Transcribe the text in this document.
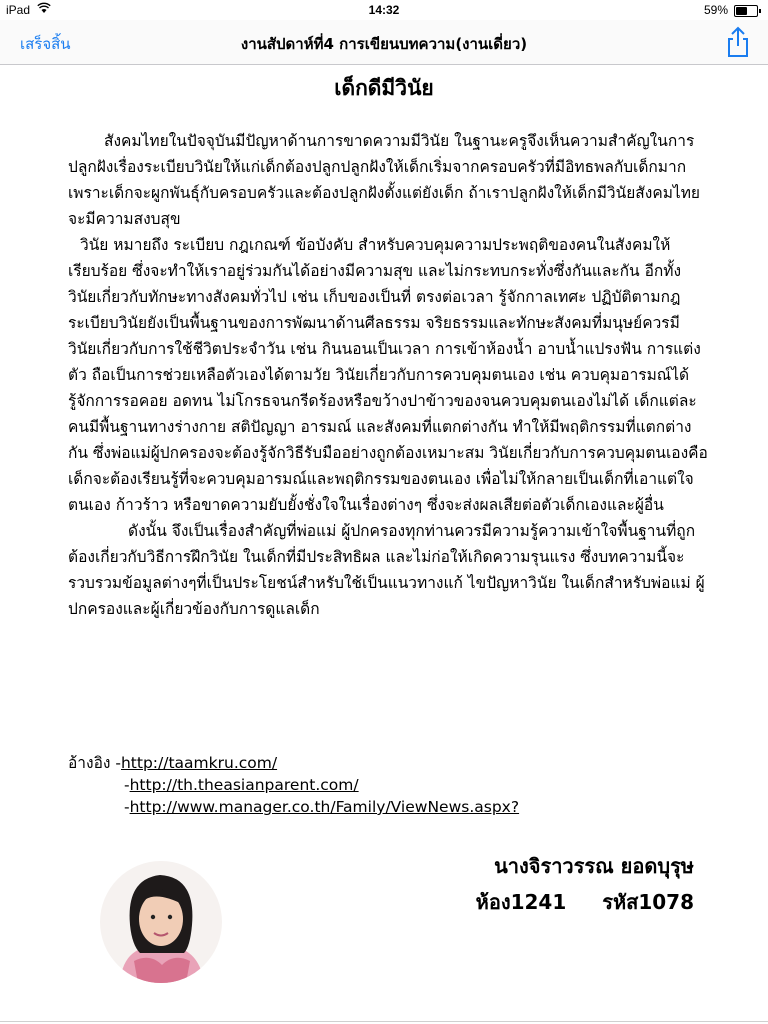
iPad	14:32	59%
เสร็จสิ้น	งานสัปดาห์ที่4 การเขียนบทความ(งานเดี่ยว)
เด็กดีมีวินัย

สังคมไทยในปัจจุบันมีปัญหาด้านการขาดความมีวินัย ในฐานะครูจึงเห็นความสำคัญในการปลูกฝังเรื่องระเบียบวินัยให้แก่เด็กต้องปลูกปลูกฝังให้เด็กเริ่มจากครอบครัวที่มีอิทธพลกับเด็กมากเพราะเด็กจะผูกพันธุ์กับครอบครัวและต้องปลูกฝังตั้งแต่ยังเด็ก ถ้าเราปลูกฝังให้เด็กมีวินัยสังคมไทยจะมีความสงบสุข

วินัย หมายถึง ระเบียบ กฎเกณฑ์ ข้อบังคับ สำหรับควบคุมความประพฤติของคนในสังคมให้เรียบร้อย ซึ่งจะทำให้เราอยู่ร่วมกันได้อย่างมีความสุข และไม่กระทบกระทั่งซึ่งกันและกัน อีกทั้งวินัยเกี่ยวกับทักษะทางสังคมทั่วไป เช่น เก็บของเป็นที่ ตรงต่อเวลา รู้จักกาลเทศะ ปฏิบัติตามกฎระเบียบวินัยยังเป็นพื้นฐานของการพัฒนาด้านศีลธรรม จริยธรรมและทักษะสังคมที่มนุษย์ควรมี วินัยเกี่ยวกับการใช้ชีวิตประจำวัน เช่น กินนอนเป็นเวลา การเข้าห้องน้ำ อาบน้ำแปรงฟัน การแต่งตัว ถือเป็นการช่วยเหลือตัวเองได้ตามวัย วินัยเกี่ยวกับการควบคุมตนเอง เช่น ควบคุมอารมณ์ได้ รู้จักการรอคอย อดทน ไม่โกรธจนกรีดร้องหรือขว้างปาข้าวของจนควบคุมตนเองไม่ได้ เด็กแต่ละคนมีพื้นฐานทางร่างกาย สติปัญญา อารมณ์ และสังคมที่แตกต่างกัน ทำให้มีพฤติกรรมที่แตกต่างกัน ซึ่งพ่อแม่ผู้ปกครองจะต้องรู้จักวิธีรับมืออย่างถูกต้องเหมาะสม วินัยเกี่ยวกับการควบคุมตนเองคือ เด็กจะต้องเรียนรู้ที่จะควบคุมอารมณ์และพฤติกรรมของตนเอง เพื่อไม่ให้กลายเป็นเด็กที่เอาแต่ใจตนเอง ก้าวร้าว หรือขาดความยับยั้งชั่งใจในเรื่องต่างๆ ซึ่งจะส่งผลเสียต่อตัวเด็กเองและผู้อื่น

ดังนั้น จึงเป็นเรื่องสำคัญที่พ่อแม่ ผู้ปกครองทุกท่านควรมีความรู้ความเข้าใจพื้นฐานที่ถูกต้องเกี่ยวกับวิธีการฝึกวินัย ในเด็กที่มีประสิทธิผล และไม่ก่อให้เกิดความรุนแรง ซึ่งบทความนี้จะรวบรวมข้อมูลต่างๆที่เป็นประโยชน์สำหรับใช้เป็นแนวทางแก้ ไขปัญหาวินัย ในเด็กสำหรับพ่อแม่ ผู้ปกครองและผู้เกี่ยวข้องกับการดูแลเด็ก

อ้างอิง -http://taamkru.com/
-http://th.theasianparent.com/
-http://www.manager.co.th/Family/ViewNews.aspx?
นางจิราวรรณ ยอดบุรุษ
ห้อง1241 รหัส1078
